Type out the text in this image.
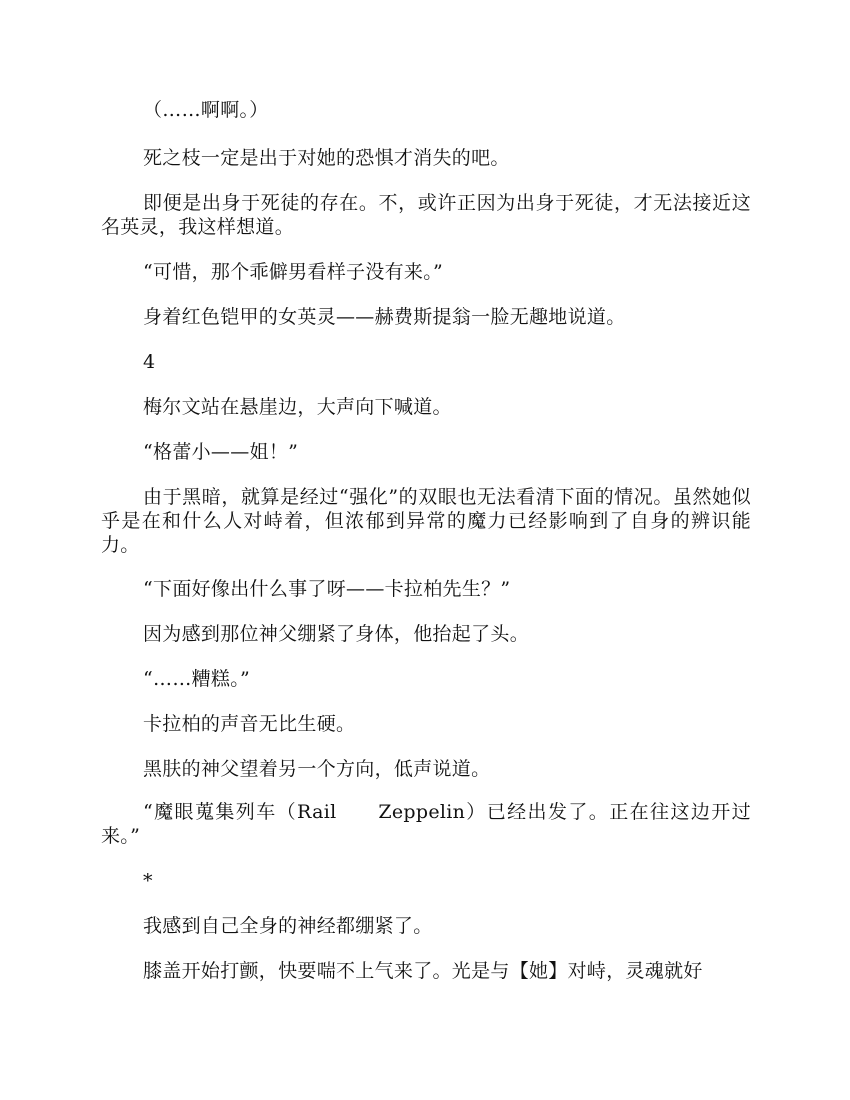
（……啊啊。）

死之枝一定是出于对她的恐惧才消失的吧。

即便是出身于死徒的存在。不，或许正因为出身于死徒，才无法接近这名英灵，我这样想道。

“可惜，那个乖僻男看样子没有来。”

身着红色铠甲的女英灵——赫费斯提翁一脸无趣地说道。

4

梅尔文站在悬崖边，大声向下喊道。

“格蕾小——姐！”

由于黑暗，就算是经过“强化”的双眼也无法看清下面的情况。虽然她似乎是在和什么人对峙着，但浓郁到异常的魔力已经影响到了自身的辨识能力。

“下面好像出什么事了呀——卡拉柏先生？”

因为感到那位神父绷紧了身体，他抬起了头。

“……糟糕。”

卡拉柏的声音无比生硬。

黑肤的神父望着另一个方向，低声说道。

“魔眼蒐集列车（Rail　　Zeppelin）已经出发了。正在往这边开过来。”

*

我感到自己全身的神经都绷紧了。

膝盖开始打颤，快要喘不上气来了。光是与【她】对峙，灵魂就好
